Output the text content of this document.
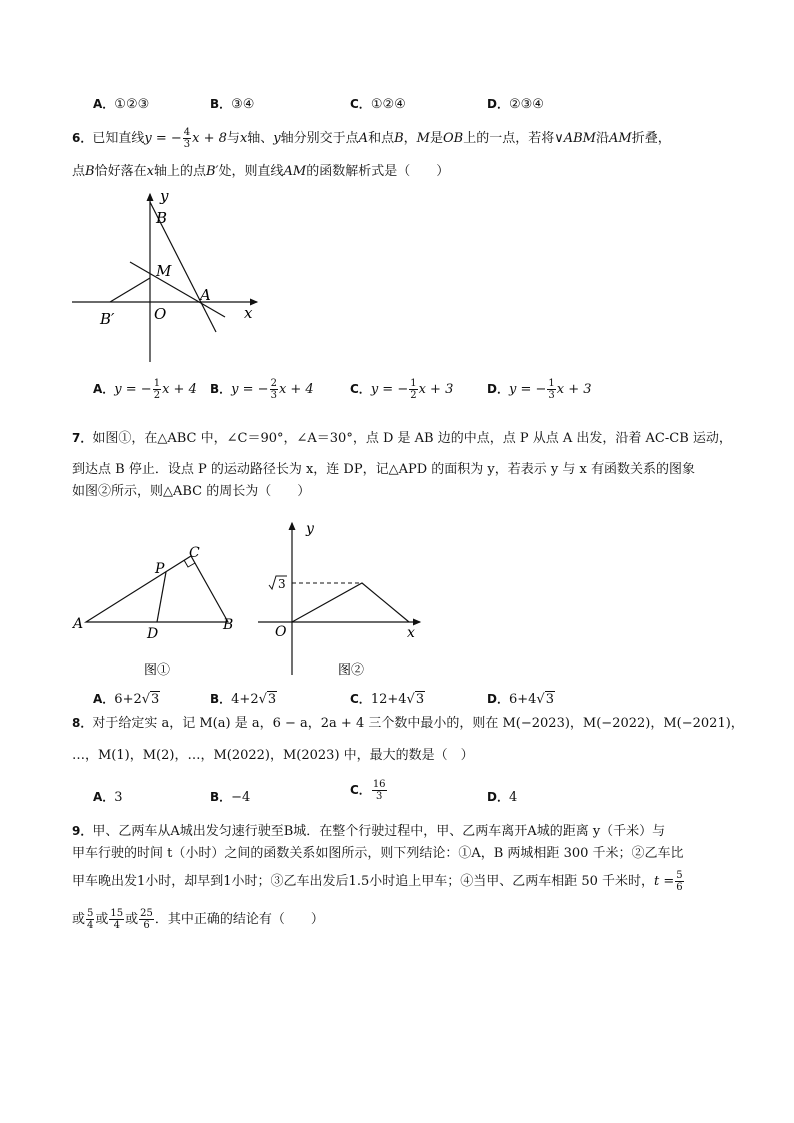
A．①②③	B．③④	C．①②④	D．②③④
6．已知直线y = − $\frac{4}{3}$ x + 8与x轴、y轴分别交于点A和点B，M是OB上的一点，若将∨ABM沿AM折叠，
点B恰好落在x轴上的点B′处，则直线AM的函数解析式是（　　）
y
B
M
A
O
B′	x
A．y = − $\frac{1}{2}$ x + 4 B．y = − $\frac{2}{3}$ x + 4	C．y = − $\frac{1}{2}$ x + 3	D．y = − $\frac{1}{3}$ x + 3
7．如图①，在△ABC 中，∠C＝90°，∠A＝30°，点 D 是 AB 边的中点，点 P 从点 A 出发，沿着 AC-CB 运动，
到达点 B 停止．设点 P 的运动路径长为 x，连 DP，记△APD 的面积为 y，若表示 y 与 x 有函数关系的图象
如图②所示，则△ABC 的周长为（　　）
A	B
C
D
P
图①
y
x
O
3
图②
A．6+2√3	B．4+2√3	C．12+4√3	D．6+4√3
8．对于给定实 a，记 M(a) 是 a，6 − a，2a + 4 三个数中最小的，则在 M(−2023)，M(−2022)，M(−2021)，
…，M(1)，M(2)，…，M(2022)，M(2023) 中，最大的数是（　）
A．3	B．−4	C． $\frac{16}{3}$	D．4
9．甲、乙两车从A城出发匀速行驶至B城．在整个行驶过程中，甲、乙两车离开A城的距离 y（千米）与
甲车行驶的时间 t（小时）之间的函数关系如图所示，则下列结论：①A，B 两城相距 300 千米；②乙车比
甲车晚出发1小时，却早到1小时；③乙车出发后1.5小时追上甲车；④当甲、乙两车相距 50 千米时，$t = \frac{5}{6}$
或 $\frac{5}{4}$ 或 $\frac{15}{4}$ 或 $\frac{25}{6}$ ．其中正确的结论有（　　）
